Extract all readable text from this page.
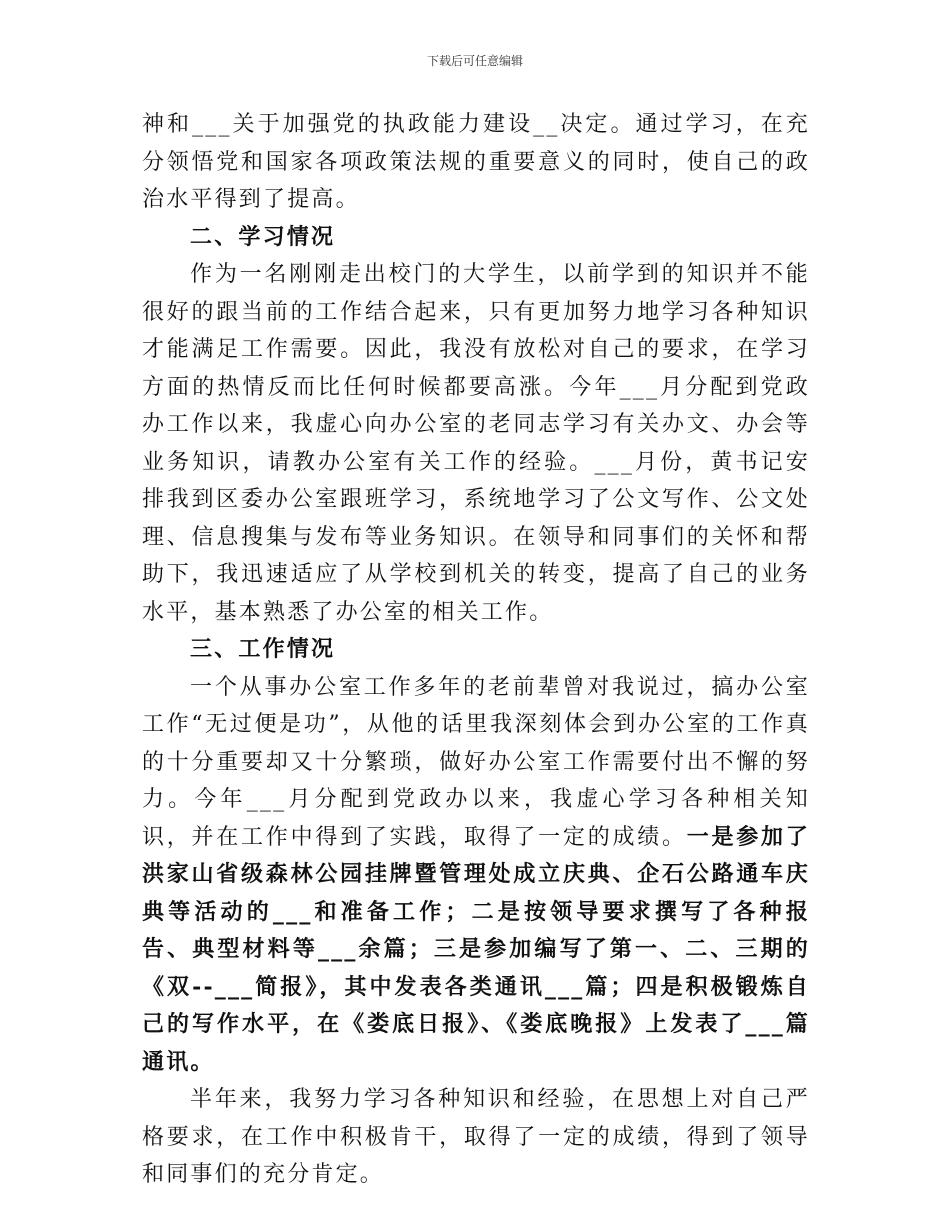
下载后可任意编辑

神和___关于加强党的执政能力建设__决定。通过学习，在充分领悟党和国家各项政策法规的重要意义的同时，使自己的政治水平得到了提高。

二、学习情况

作为一名刚刚走出校门的大学生，以前学到的知识并不能很好的跟当前的工作结合起来，只有更加努力地学习各种知识才能满足工作需要。因此，我没有放松对自己的要求，在学习方面的热情反而比任何时候都要高涨。今年___月分配到党政办工作以来，我虚心向办公室的老同志学习有关办文、办会等业务知识，请教办公室有关工作的经验。___月份，黄书记安排我到区委办公室跟班学习，系统地学习了公文写作、公文处理、信息搜集与发布等业务知识。在领导和同事们的关怀和帮助下，我迅速适应了从学校到机关的转变，提高了自己的业务水平，基本熟悉了办公室的相关工作。

三、工作情况

一个从事办公室工作多年的老前辈曾对我说过，搞办公室工作“无过便是功”，从他的话里我深刻体会到办公室的工作真的十分重要却又十分繁琐，做好办公室工作需要付出不懈的努力。今年___月分配到党政办以来，我虚心学习各种相关知识，并在工作中得到了实践，取得了一定的成绩。一是参加了洪家山省级森林公园挂牌暨管理处成立庆典、企石公路通车庆典等活动的___和准备工作；二是按领导要求撰写了各种报告、典型材料等___余篇；三是参加编写了第一、二、三期的《双--___简报》，其中发表各类通讯___篇；四是积极锻炼自己的写作水平，在《娄底日报》、《娄底晚报》上发表了___篇通讯。

半年来，我努力学习各种知识和经验，在思想上对自己严格要求，在工作中积极肯干，取得了一定的成绩，得到了领导和同事们的充分肯定。
